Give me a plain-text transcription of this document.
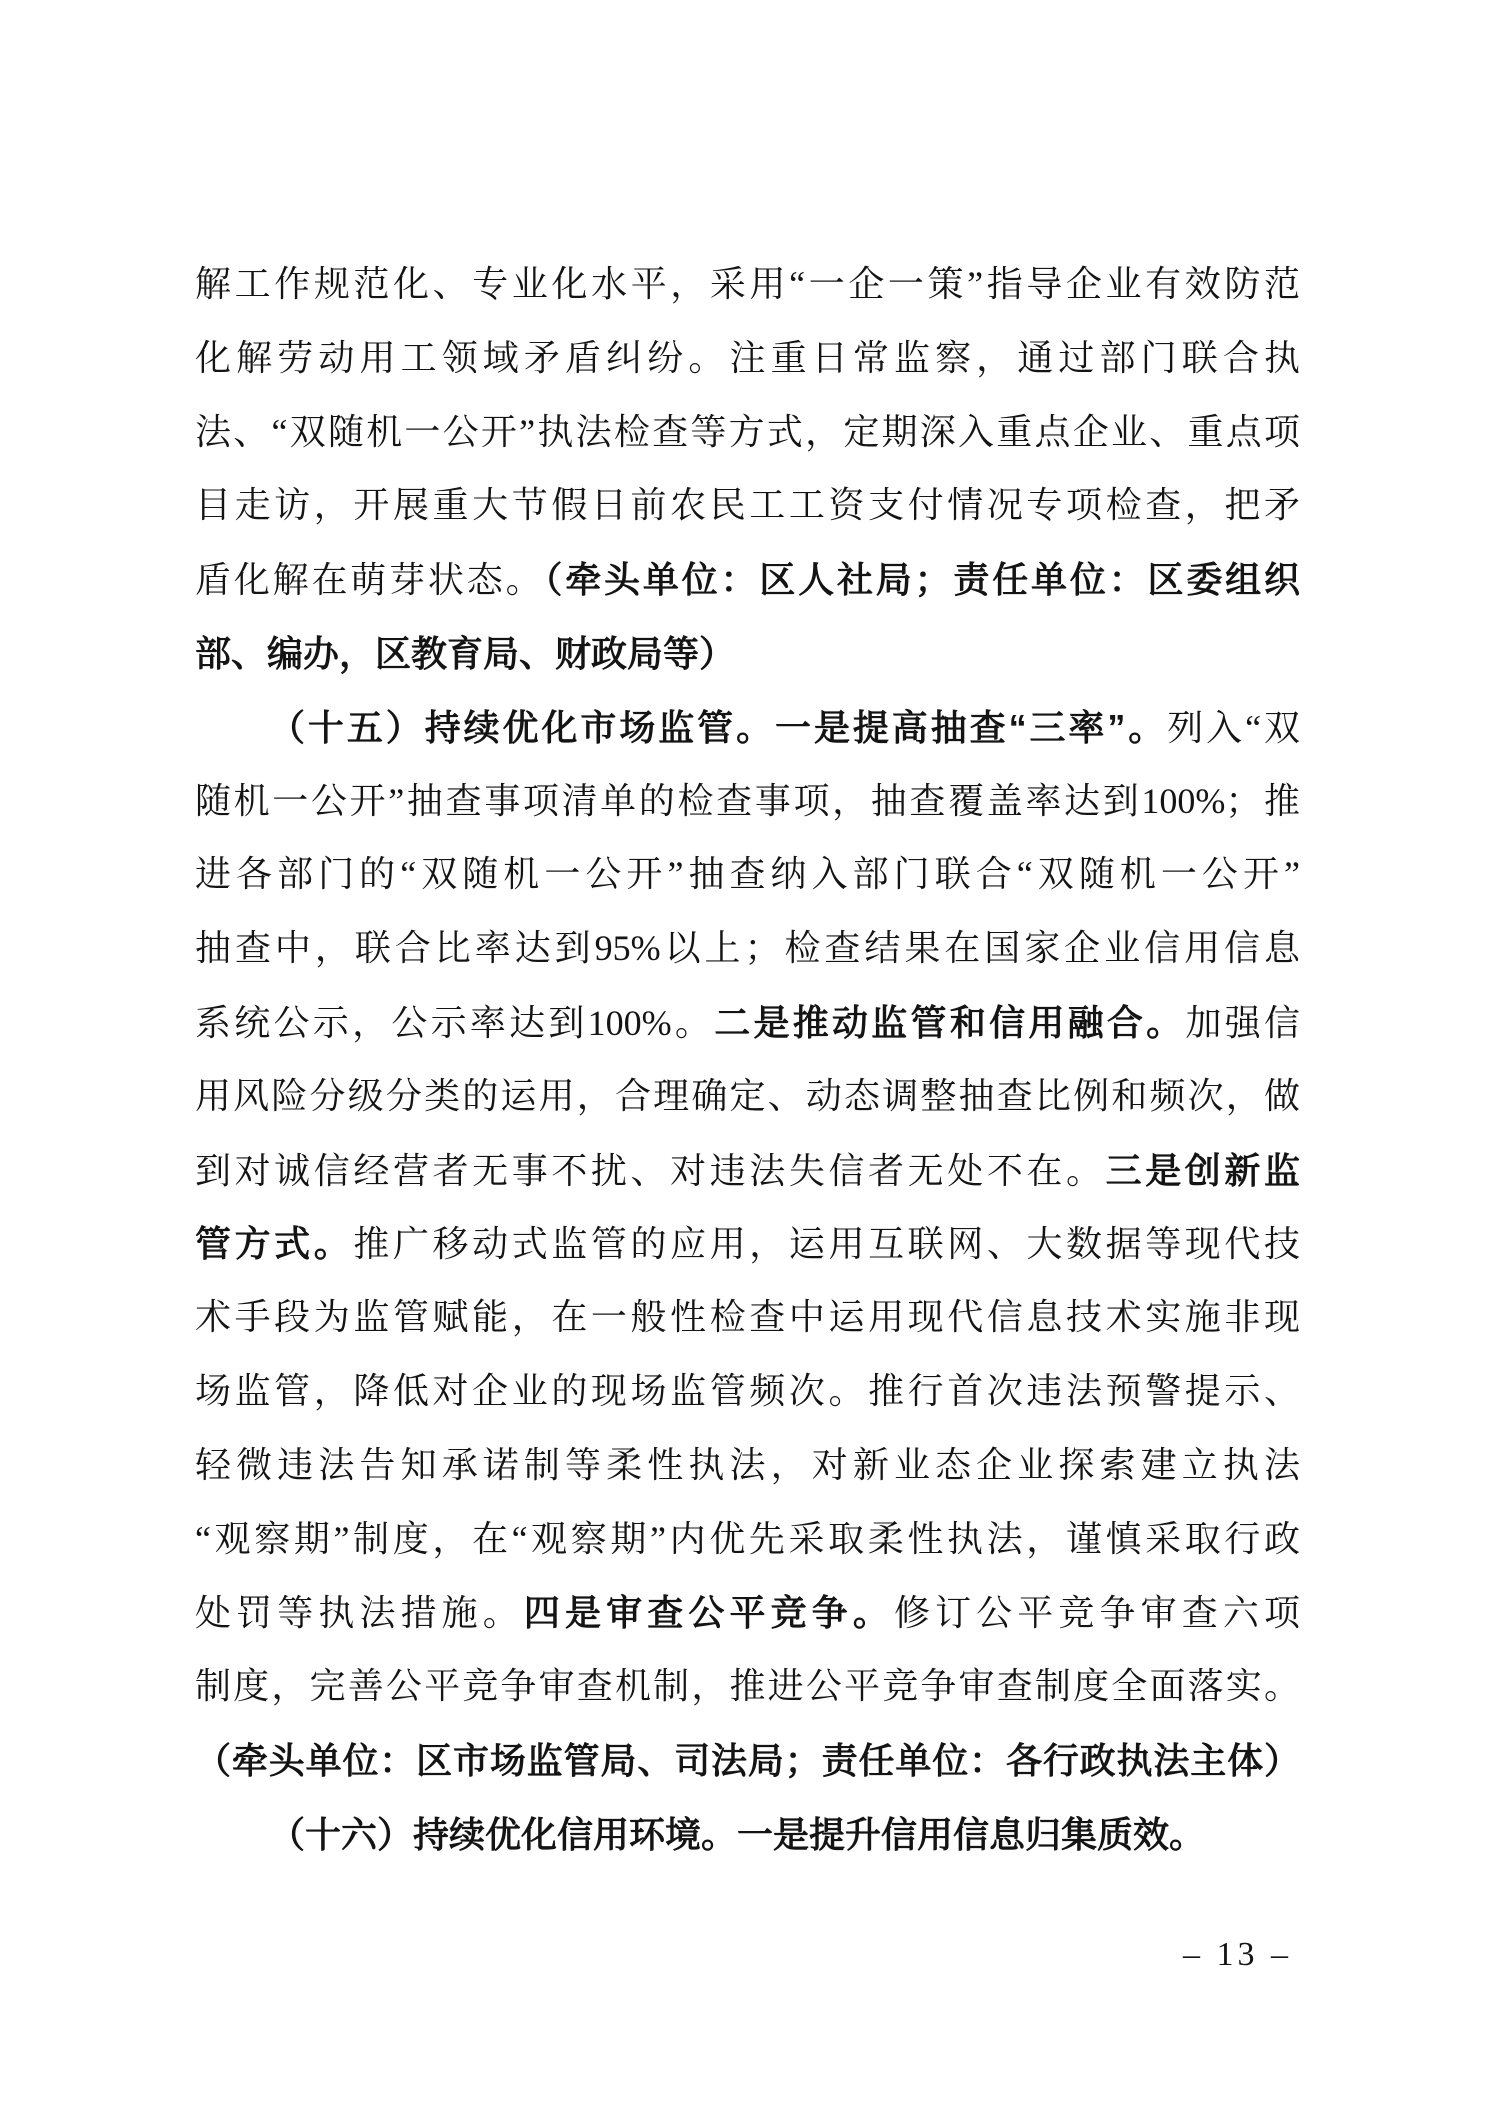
解工作规范化、专业化水平，采用“一企一策”指导企业有效防范
化解劳动用工领域矛盾纠纷。注重日常监察，通过部门联合执
法、“双随机一公开”执法检查等方式，定期深入重点企业、重点项
目走访，开展重大节假日前农民工工资支付情况专项检查，把矛
盾化解在萌芽状态。（牵头单位：区人社局；责任单位：区委组织
部、编办，区教育局、财政局等）
（十五）持续优化市场监管。一是提高抽查“三率”。列入“双
随机一公开”抽查事项清单的检查事项，抽查覆盖率达到100%；推
进各部门的“双随机一公开”抽查纳入部门联合“双随机一公开”
抽查中，联合比率达到95%以上；检查结果在国家企业信用信息
系统公示，公示率达到100%。二是推动监管和信用融合。加强信
用风险分级分类的运用，合理确定、动态调整抽查比例和频次，做
到对诚信经营者无事不扰、对违法失信者无处不在。三是创新监
管方式。推广移动式监管的应用，运用互联网、大数据等现代技
术手段为监管赋能，在一般性检查中运用现代信息技术实施非现
场监管，降低对企业的现场监管频次。推行首次违法预警提示、
轻微违法告知承诺制等柔性执法，对新业态企业探索建立执法
“观察期”制度，在“观察期”内优先采取柔性执法，谨慎采取行政
处罚等执法措施。四是审查公平竞争。修订公平竞争审查六项
制度，完善公平竞争审查机制，推进公平竞争审查制度全面落实。
（牵头单位：区市场监管局、司法局；责任单位：各行政执法主体）
（十六）持续优化信用环境。一是提升信用信息归集质效。
– 13 –
